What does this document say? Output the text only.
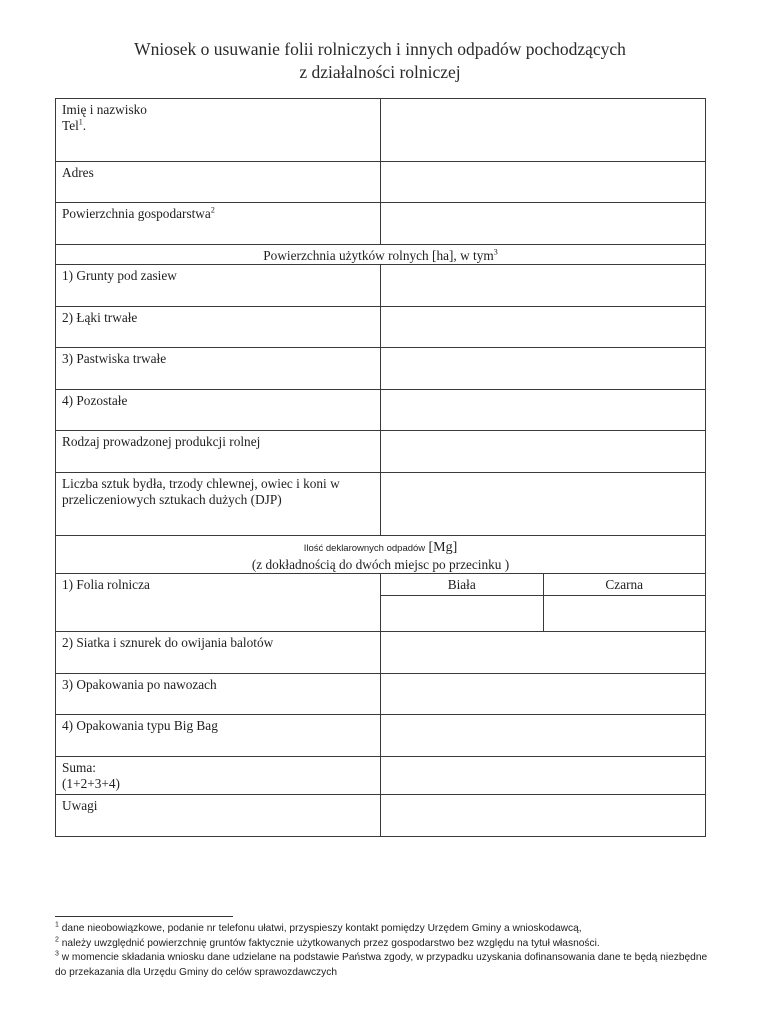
Wniosek o usuwanie folii rolniczych i innych odpadów pochodzących
z działalności rolniczej
Imię i nazwisko
Tel$^1$.

Adres	
Powierzchnia gospodarstwa$^2$	
Powierzchnia użytków rolnych [ha], w tym$^3$
1) Grunty pod zasiew	
2) Łąki trwałe	
3) Pastwiska trwałe	
4) Pozostałe	
Rodzaj prowadzonej produkcji rolnej	
Liczba sztuk bydła, trzody chlewnej, owiec i koni w przeliczeniowych sztukach dużych (DJP)	

Ilość deklarownych odpadów [Mg]
(z dokładnością do dwóch miejsc po przecinku )

1) Folia rolnicza		Biała	Czarna

2) Siatka i sznurek do owijania balotów	
3) Opakowania po nawozach	
4) Opakowania typu Big Bag	

Suma:
(1+2+3+4)

Uwagi	
$^1$ dane nieobowiązkowe, podanie nr telefonu ułatwi, przyspieszy kontakt pomiędzy Urzędem Gminy a wnioskodawcą,
$^2$ należy uwzględnić powierzchnię gruntów faktycznie użytkowanych przez gospodarstwo bez względu na tytuł własności.
$^3$ w momencie składania wniosku dane udzielane na podstawie Państwa zgody, w przypadku uzyskania dofinansowania dane te będą niezbędne do przekazania dla Urzędu Gminy do celów sprawozdawczych
